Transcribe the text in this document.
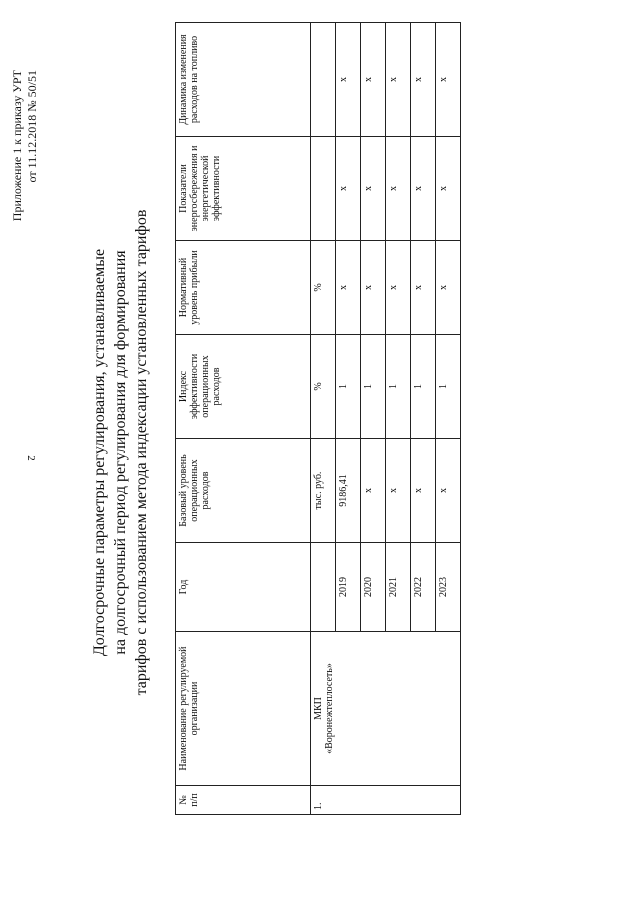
2
Приложение 1 к приказу УРТ от 11.12.2018 № 50/51
Долгосрочные параметры регулирования, устанавливаемые на долгосрочный период регулирования для формирования тарифов с использованием метода индексации установленных тарифов
№ п/п	Наименование регулируемой организации	Год	Базовый уровень операционных расходов	Индекс эффективности операционных расходов	Нормативный уровень прибыли	Показатели энергосбережения и энергетической эффективности	Динамика изменения расходов на топливо
1.	МКП «Воронежтеплосеть»		тыс. руб.	%	%		
		2019	9186,41	1	x	x	x
		2020	x	1	x	x	x
		2021	x	1	x	x	x
		2022	x	1	x	x	x
		2023	x	1	x	x	x
